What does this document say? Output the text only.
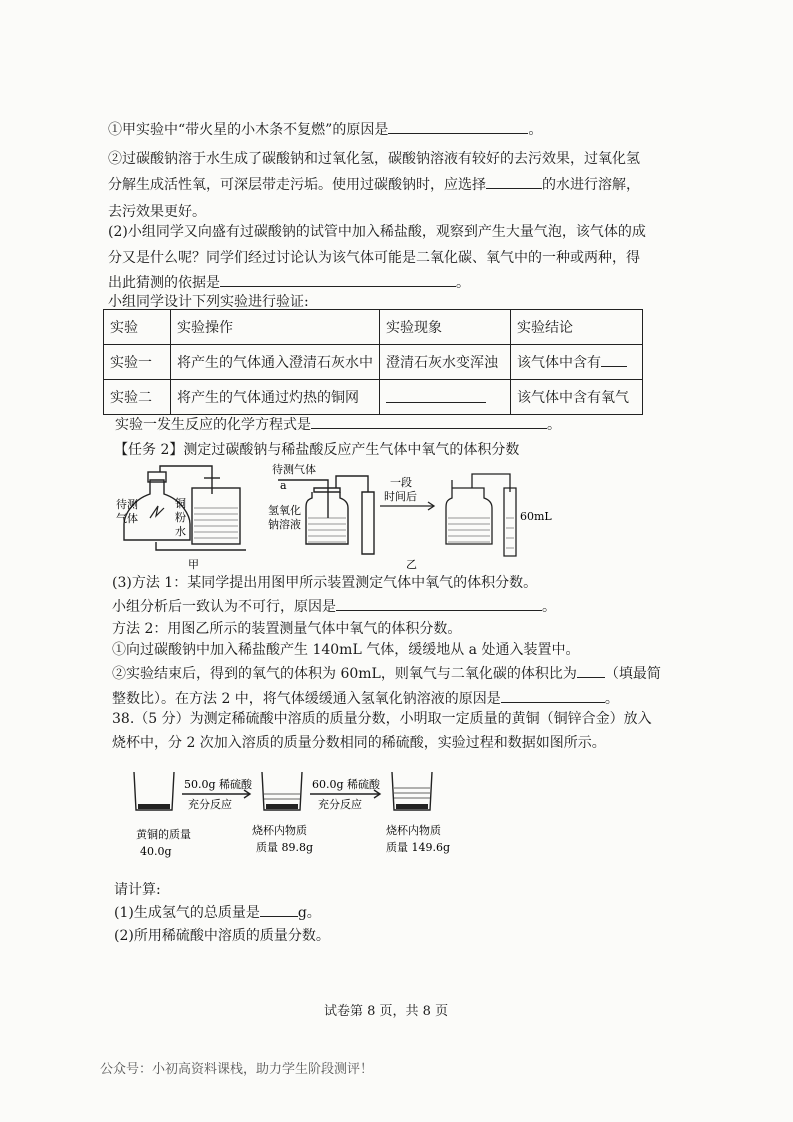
①甲实验中“带火星的小木条不复燃”的原因是	。
②过碳酸钠溶于水生成了碳酸钠和过氧化氢，碳酸钠溶液有较好的去污效果，过氧化氢
分解生成活性氧，可深层带走污垢。使用过碳酸钠时，应选择	的水进行溶解，
去污效果更好。
(2)小组同学又向盛有过碳酸钠的试管中加入稀盐酸，观察到产生大量气泡，该气体的成
分又是什么呢？同学们经过讨论认为该气体可能是二氧化碳、氧气中的一种或两种，得
出此猜测的依据是	。
小组同学设计下列实验进行验证:
实验	实验操作	实验现象	实验结论
实验一	将产生的气体通入澄清石灰水中	澄清石灰水变浑浊	该气体中含有
实验二	将产生的气体通过灼热的铜网		该气体中含有氧气
实验一发生反应的化学方程式是	。
【任务 2】测定过碳酸钠与稀盐酸反应产生气体中氧气的体积分数
待测
气体
铜
粉
水
甲
待测气体
a
氢氧化
钠溶液
一段
时间后
60mL
乙
(3)方法 1：某同学提出用图甲所示装置测定气体中氧气的体积分数。
小组分析后一致认为不可行，原因是	。
方法 2：用图乙所示的装置测量气体中氧气的体积分数。
①向过碳酸钠中加入稀盐酸产生 140mL 气体，缓缓地从 a 处通入装置中。
②实验结束后，得到的氧气的体积为 60mL，则氧气与二氧化碳的体积比为 （填最简
整数比）。在方法 2 中，将气体缓缓通入氢氧化钠溶液的原因是	。
38.（5 分）为测定稀硫酸中溶质的质量分数，小明取一定质量的黄铜（铜锌合金）放入
烧杯中，分 2 次加入溶质的质量分数相同的稀硫酸，实验过程和数据如图所示。
50.0g 稀硫酸
充分反应
60.0g 稀硫酸
充分反应
黄铜的质量
40.0g
烧杯内物质
质量 89.8g
烧杯内物质
质量 149.6g
请计算:
(1)生成氢气的总质量是	g。
(2)所用稀硫酸中溶质的质量分数。
试卷第 8 页，共 8 页
公众号：小初高资料课栈，助力学生阶段测评！
